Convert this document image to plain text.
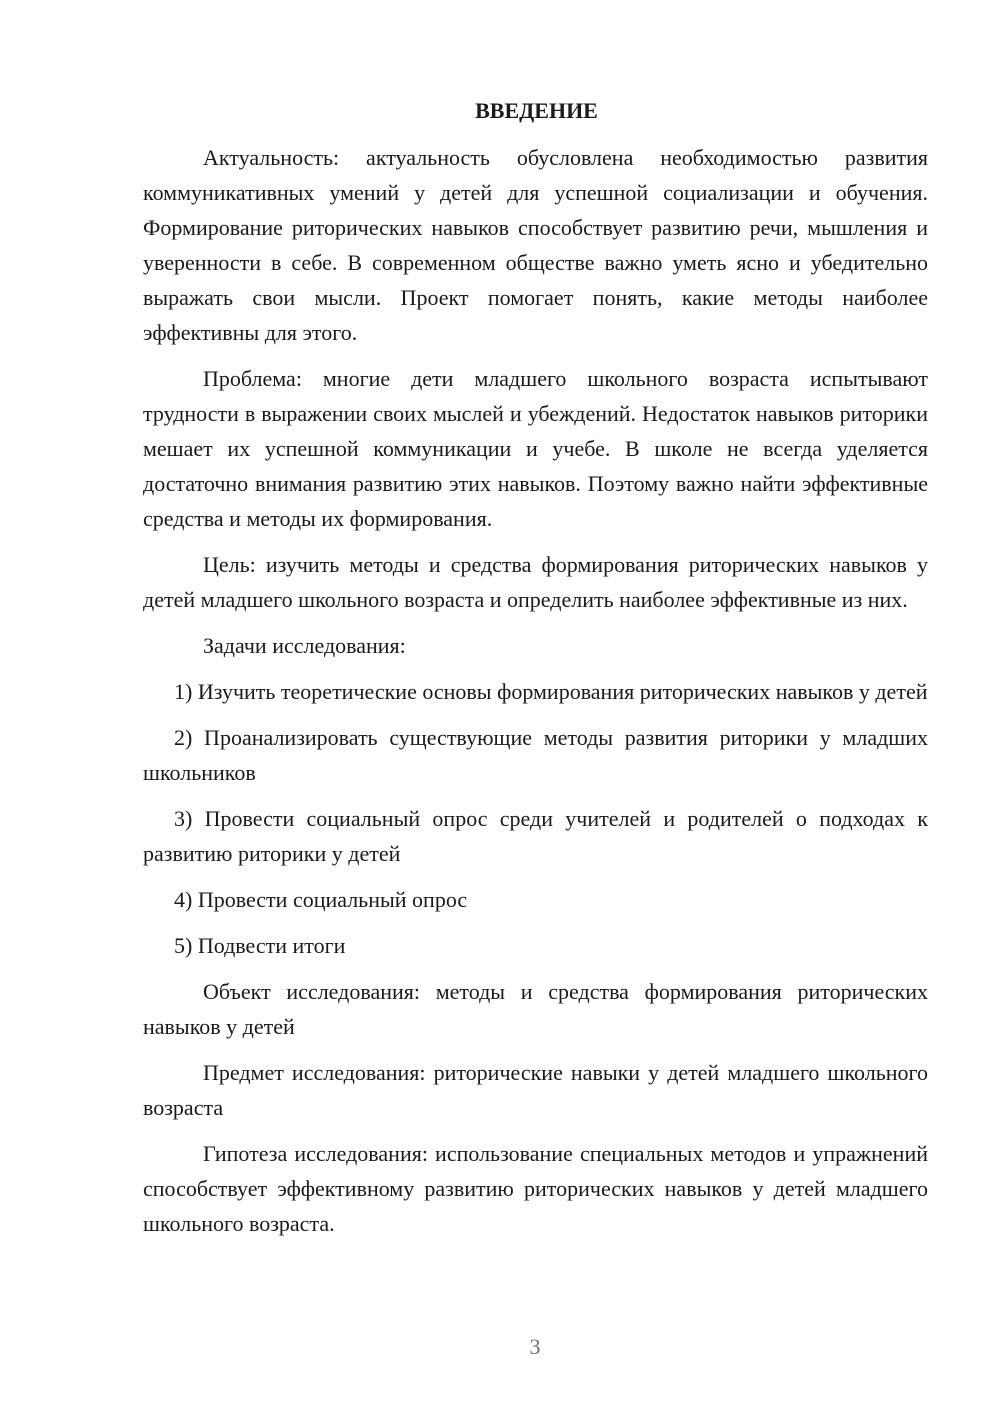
ВВЕДЕНИЕ

Актуальность: актуальность обусловлена необходимостью развития коммуникативных умений у детей для успешной социализации и обучения. Формирование риторических навыков способствует развитию речи, мышления и уверенности в себе. В современном обществе важно уметь ясно и убедительно выражать свои мысли. Проект помогает понять, какие методы наиболее эффективны для этого.

Проблема: многие дети младшего школьного возраста испытывают трудности в выражении своих мыслей и убеждений. Недостаток навыков риторики мешает их успешной коммуникации и учебе. В школе не всегда уделяется достаточно внимания развитию этих навыков. Поэтому важно найти эффективные средства и методы их формирования.

Цель: изучить методы и средства формирования риторических навыков у детей младшего школьного возраста и определить наиболее эффективные из них.

Задачи исследования:

1) Изучить теоретические основы формирования риторических навыков у детей

2) Проанализировать существующие методы развития риторики у младших школьников

3) Провести социальный опрос среди учителей и родителей о подходах к развитию риторики у детей

4) Провести социальный опрос

5) Подвести итоги

Объект исследования: методы и средства формирования риторических навыков у детей

Предмет исследования: риторические навыки у детей младшего школьного возраста

Гипотеза исследования: использование специальных методов и упражнений способствует эффективному развитию риторических навыков у детей младшего школьного возраста.

3
